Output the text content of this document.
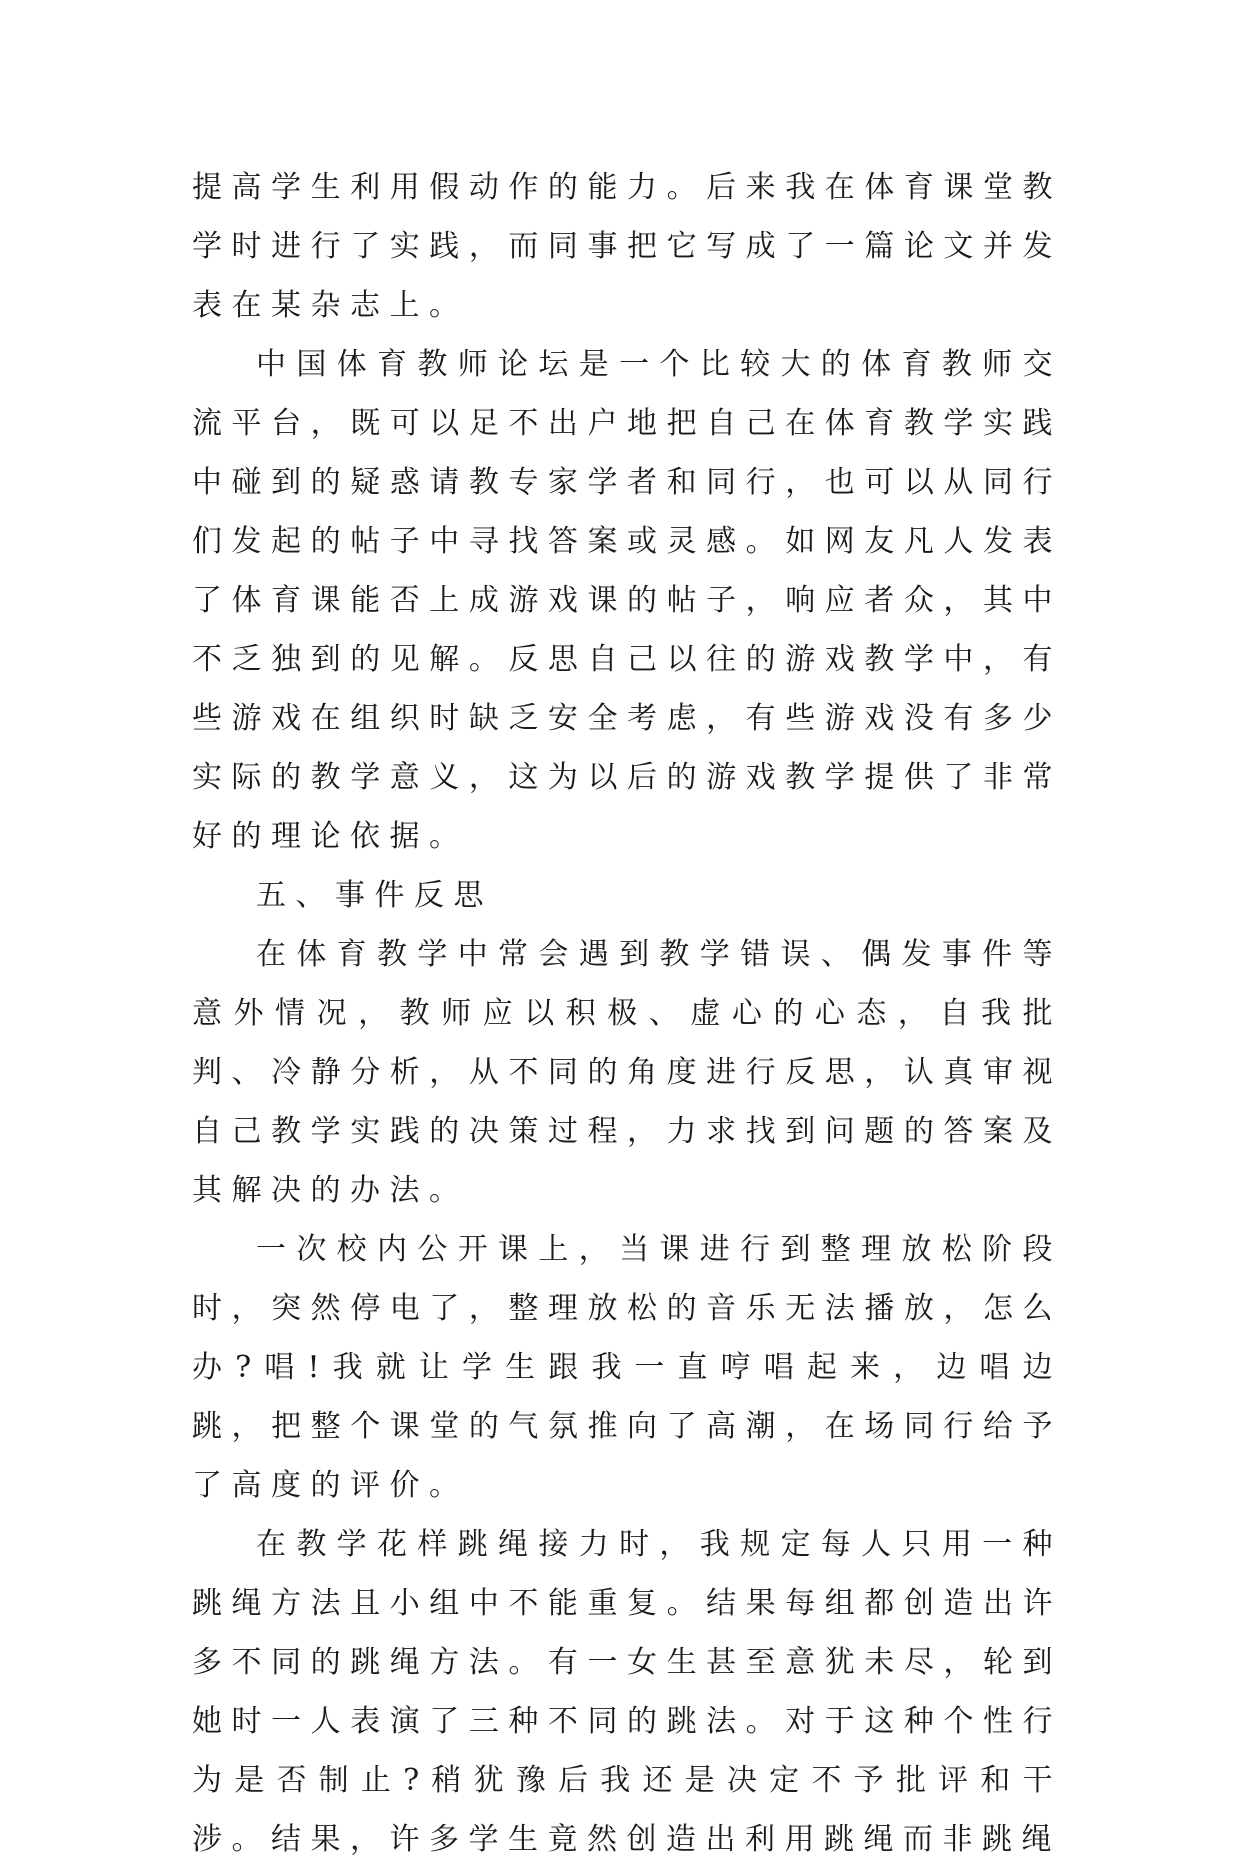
提高学生利用假动作的能力。后来我在体育课堂教学时进行了实践，而同事把它写成了一篇论文并发表在某杂志上。

中国体育教师论坛是一个比较大的体育教师交流平台，既可以足不出户地把自己在体育教学实践中碰到的疑惑请教专家学者和同行，也可以从同行们发起的帖子中寻找答案或灵感。如网友凡人发表了体育课能否上成游戏课的帖子，响应者众，其中不乏独到的见解。反思自己以往的游戏教学中，有些游戏在组织时缺乏安全考虑，有些游戏没有多少实际的教学意义，这为以后的游戏教学提供了非常好的理论依据。

五、事件反思

在体育教学中常会遇到教学错误、偶发事件等意外情况，教师应以积极、虚心的心态，自我批判、冷静分析，从不同的角度进行反思，认真审视自己教学实践的决策过程，力求找到问题的答案及其解决的办法。

一次校内公开课上，当课进行到整理放松阶段时，突然停电了，整理放松的音乐无法播放，怎么办?唱!我就让学生跟我一直哼唱起来，边唱边跳，把整个课堂的气氛推向了高潮，在场同行给予了高度的评价。

在教学花样跳绳接力时，我规定每人只用一种跳绳方法且小组中不能重复。结果每组都创造出许多不同的跳绳方法。有一女生甚至意犹未尽，轮到她时一人表演了三种不同的跳法。对于这种个性行为是否制止?稍犹豫后我还是决定不予批评和干涉。结果，许多学生竟然创造出利用跳绳而非跳绳
